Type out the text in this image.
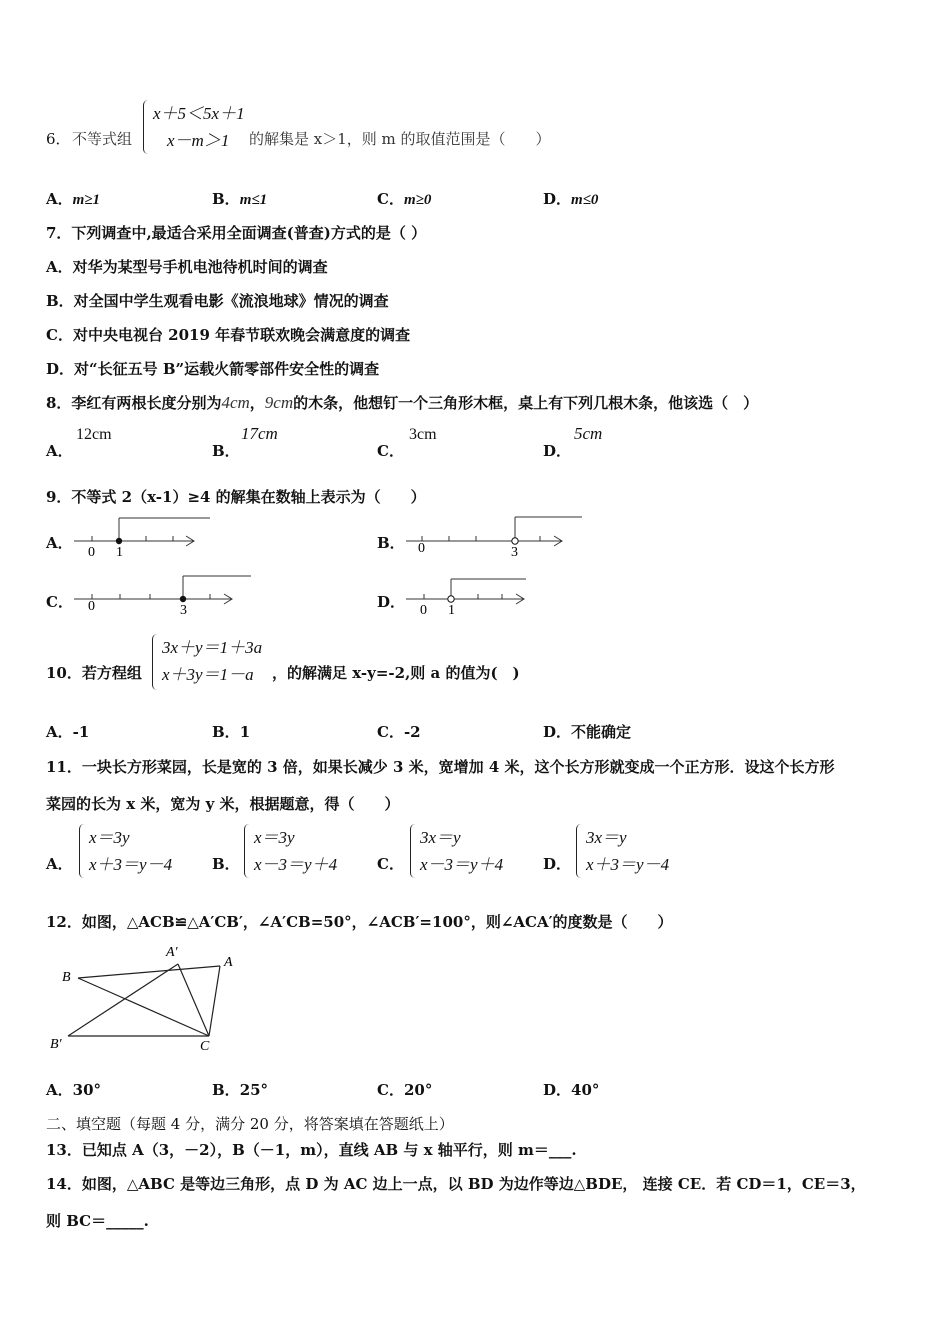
6． 不等式组
x＋5＜5x＋1
x－m＞1	的解集是 x＞1，则 m 的取值范围是（　　）
A．m≥1	B．m≤1	C．m≥0	D．m≤0
7．下列调查中,最适合采用全面调查(普查)方式的是（ ）
A．对华为某型号手机电池待机时间的调查
B．对全国中学生观看电影《流浪地球》情况的调查
C．对中央电视台 2019 年春节联欢晚会满意度的调查
D．对“长征五号 B”运载火箭零部件安全性的调查
8．李红有两根长度分别为4cm，9cm的木条，他想钉一个三角形木框，桌上有下列几根木条，他该选（　）
A．
12cm
B．
17cm
C．
3cm
D．
5cm
9．不等式 2（x-1）≥4 的解集在数轴上表示为（　　）
A．
0 1
B． 0	3
C． 0	3	D． 0 1
10．若方程组
3x＋y＝1＋3a
x＋3y＝1－a	，的解满足 x-y=-2,则 a 的值为(　)
A．-1	B．1	C．-2	D．不能确定
11．一块长方形菜园，长是宽的 3 倍，如果长减少 3 米，宽增加 4 米，这个长方形就变成一个正方形．设这个长方形
菜园的长为 x 米，宽为 y 米，根据题意，得（　　）
A．
x＝3y
x＋3＝y－4	B．
x＝3y
x－3＝y＋4	C．
3x＝y
x－3＝y＋4	D．
3x＝y
x＋3＝y－4
12．如图，△ACB≌△A′CB′，∠A′CB=50°，∠ACB′=100°，则∠ACA′的度数是（　　）
B
A′
A
B′	C
A．30°	B．25°	C．20°	D．40°
二、填空题（每题 4 分，满分 20 分，将答案填在答题纸上）
13．已知点 A（3，－2），B（－1，m），直线 AB 与 x 轴平行，则 m＝___.
14．如图，△ABC 是等边三角形，点 D 为 AC 边上一点，以 BD 为边作等边△BDE， 连接 CE．若 CD＝1，CE＝3，
则 BC＝_____.
